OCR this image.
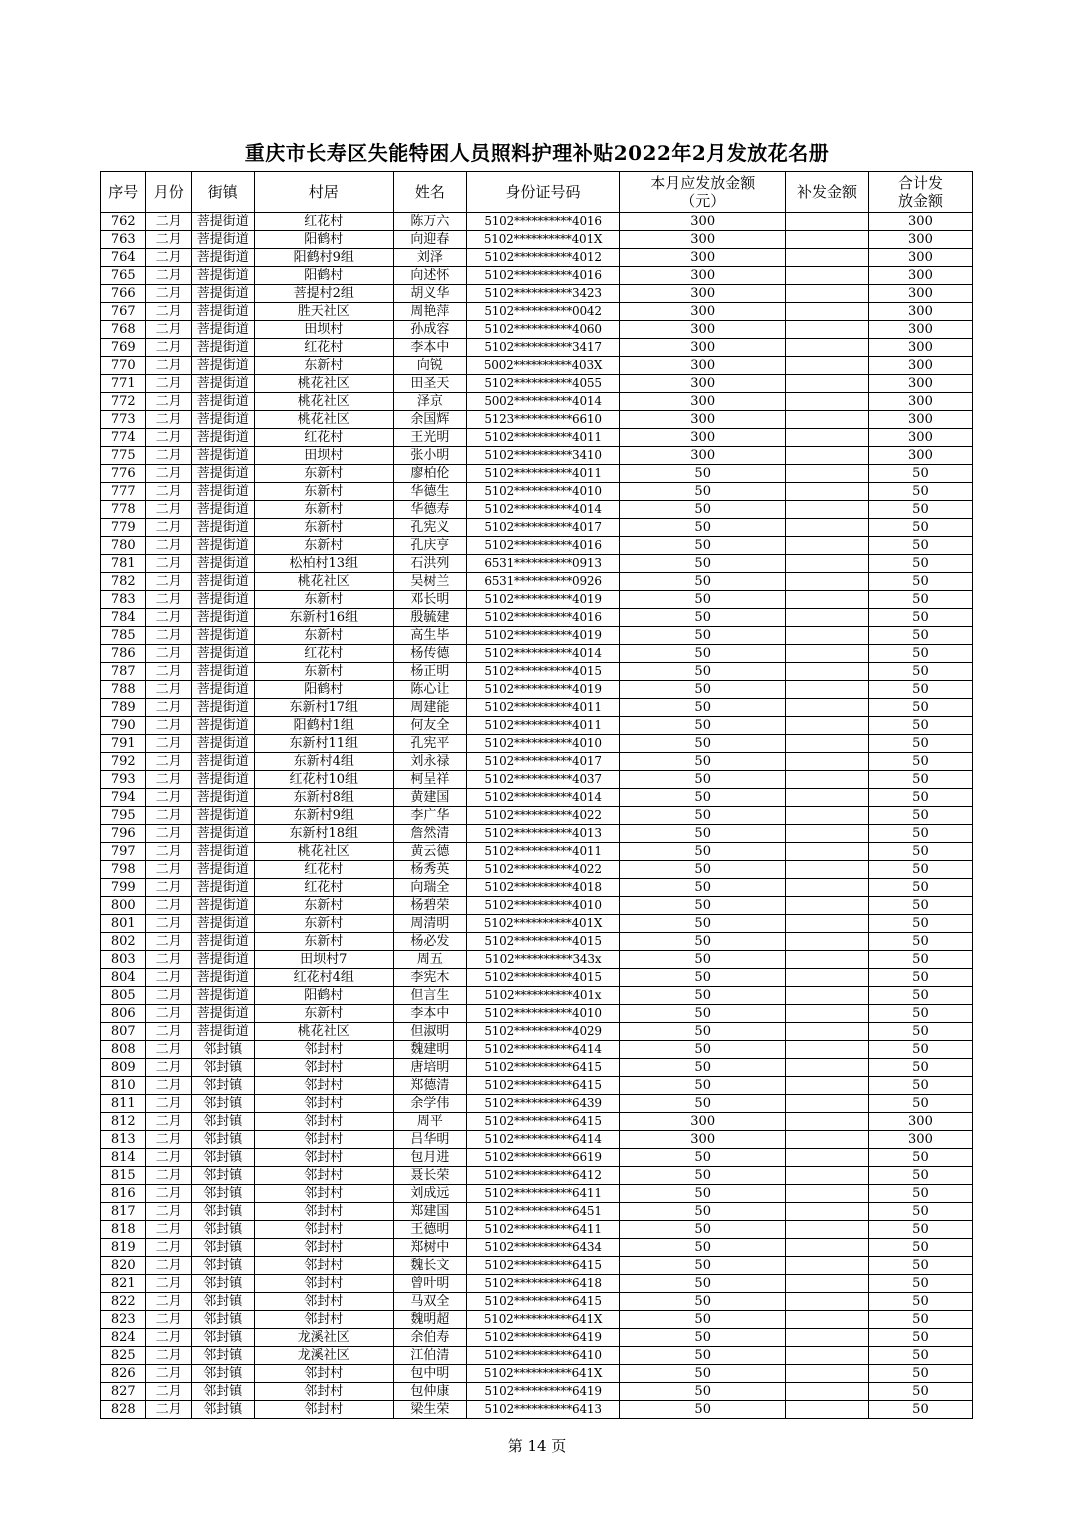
重庆市长寿区失能特困人员照料护理补贴2022年2月发放花名册
序号	月份	街镇	村居	姓名	身份证号码	本月应发放金额（元）	补发金额	合计发放金额
762	二月	菩提街道	红花村	陈万六	5102**********4016	300		300
763	二月	菩提街道	阳鹤村	向迎春	5102**********401X	300		300
764	二月	菩提街道	阳鹤村9组	刘泽	5102**********4012	300		300
765	二月	菩提街道	阳鹤村	向述怀	5102**********4016	300		300
766	二月	菩提街道	菩提村2组	胡义华	5102**********3423	300		300
767	二月	菩提街道	胜天社区	周艳萍	5102**********0042	300		300
768	二月	菩提街道	田坝村	孙成容	5102**********4060	300		300
769	二月	菩提街道	红花村	李本中	5102**********3417	300		300
770	二月	菩提街道	东新村	向锐	5002**********403X	300		300
771	二月	菩提街道	桃花社区	田圣天	5102**********4055	300		300
772	二月	菩提街道	桃花社区	泽京	5002**********4014	300		300
773	二月	菩提街道	桃花社区	余国辉	5123**********6610	300		300
774	二月	菩提街道	红花村	王光明	5102**********4011	300		300
775	二月	菩提街道	田坝村	张小明	5102**********3410	300		300
776	二月	菩提街道	东新村	廖柏伦	5102**********4011	50		50
777	二月	菩提街道	东新村	华德生	5102**********4010	50		50
778	二月	菩提街道	东新村	华德寿	5102**********4014	50		50
779	二月	菩提街道	东新村	孔宪义	5102**********4017	50		50
780	二月	菩提街道	东新村	孔庆亨	5102**********4016	50		50
781	二月	菩提街道	松柏村13组	石洪列	6531**********0913	50		50
782	二月	菩提街道	桃花社区	吴树兰	6531**********0926	50		50
783	二月	菩提街道	东新村	邓长明	5102**********4019	50		50
784	二月	菩提街道	东新村16组	殷毓建	5102**********4016	50		50
785	二月	菩提街道	东新村	高生毕	5102**********4019	50		50
786	二月	菩提街道	红花村	杨传德	5102**********4014	50		50
787	二月	菩提街道	东新村	杨正明	5102**********4015	50		50
788	二月	菩提街道	阳鹤村	陈心让	5102**********4019	50		50
789	二月	菩提街道	东新村17组	周建能	5102**********4011	50		50
790	二月	菩提街道	阳鹤村1组	何友全	5102**********4011	50		50
791	二月	菩提街道	东新村11组	孔宪平	5102**********4010	50		50
792	二月	菩提街道	东新村4组	刘永禄	5102**********4017	50		50
793	二月	菩提街道	红花村10组	柯呈祥	5102**********4037	50		50
794	二月	菩提街道	东新村8组	黄建国	5102**********4014	50		50
795	二月	菩提街道	东新村9组	李广华	5102**********4022	50		50
796	二月	菩提街道	东新村18组	詹然清	5102**********4013	50		50
797	二月	菩提街道	桃花社区	黄云德	5102**********4011	50		50
798	二月	菩提街道	红花村	杨秀英	5102**********4022	50		50
799	二月	菩提街道	红花村	向瑞全	5102**********4018	50		50
800	二月	菩提街道	东新村	杨碧荣	5102**********4010	50		50
801	二月	菩提街道	东新村	周清明	5102**********401X	50		50
802	二月	菩提街道	东新村	杨必发	5102**********4015	50		50
803	二月	菩提街道	田坝村7	周五	5102**********343x	50		50
804	二月	菩提街道	红花村4组	李宪木	5102**********4015	50		50
805	二月	菩提街道	阳鹤村	但言生	5102**********401x	50		50
806	二月	菩提街道	东新村	李本中	5102**********4010	50		50
807	二月	菩提街道	桃花社区	但淑明	5102**********4029	50		50
808	二月	邻封镇	邻封村	魏建明	5102**********6414	50		50
809	二月	邻封镇	邻封村	唐培明	5102**********6415	50		50
810	二月	邻封镇	邻封村	郑德清	5102**********6415	50		50
811	二月	邻封镇	邻封村	余学伟	5102**********6439	50		50
812	二月	邻封镇	邻封村	周平	5102**********6415	300		300
813	二月	邻封镇	邻封村	吕华明	5102**********6414	300		300
814	二月	邻封镇	邻封村	包月进	5102**********6619	50		50
815	二月	邻封镇	邻封村	聂长荣	5102**********6412	50		50
816	二月	邻封镇	邻封村	刘成远	5102**********6411	50		50
817	二月	邻封镇	邻封村	郑建国	5102**********6451	50		50
818	二月	邻封镇	邻封村	王德明	5102**********6411	50		50
819	二月	邻封镇	邻封村	郑树中	5102**********6434	50		50
820	二月	邻封镇	邻封村	魏长文	5102**********6415	50		50
821	二月	邻封镇	邻封村	曾叶明	5102**********6418	50		50
822	二月	邻封镇	邻封村	马双全	5102**********6415	50		50
823	二月	邻封镇	邻封村	魏明超	5102**********641X	50		50
824	二月	邻封镇	龙溪社区	余伯寿	5102**********6419	50		50
825	二月	邻封镇	龙溪社区	江伯清	5102**********6410	50		50
826	二月	邻封镇	邻封村	包中明	5102**********641X	50		50
827	二月	邻封镇	邻封村	包仲康	5102**********6419	50		50
828	二月	邻封镇	邻封村	梁生荣	5102**********6413	50		50
第 14 页
